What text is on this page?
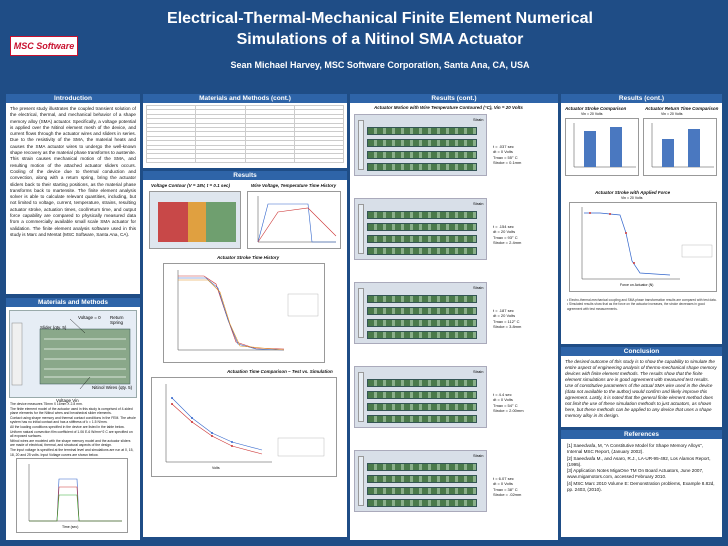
MSC Software
Electrical-Thermal-Mechanical Finite Element Numerical
Simulations of a Nitinol SMA Actuator
Sean Michael Harvey, MSC Software Corporation, Santa Ana, CA, USA
Introduction
The present study illustrates the coupled transient solution of the electrical, thermal, and mechanical behavior of a shape memory alloy (SMA) actuator. Specifically, a voltage potential is applied over the Nitinol element mesh of the device, and current flows through the actuator wires and sliders in series. Due to the resistivity of the SMA, the material heats and causes the SMA actuator wires to undergo the well-known shape recovery as the material phase transforms to austenite. This strain causes mechanical motion of the SMA, and resulting motion of the attached actuator sliders occurs. Cooling of the device due to thermal conduction and convection, along with a return spring, bring the actuator sliders back to their starting positions, as the material phase transforms back to martensite. The finite element analysis solver is able to calculate relevant quantities, including, but not limited to voltage, current, temperature, strains, resulting actuator stroke, actuation times, cool/return time, and output force capability are compared to physically measured data from a commercially available small scale SMA actuator for validation. The finite element analysis software used in this study is Marc and Mentat (MSC Software, Santa Ana, CA).
Materials and Methods
Voltage = 0 Return Spring
Slider (qty. 5)
Nitinol Wires (qty. 5)
Voltage Vin
The device measures 75mm X 16mm X 2.8 mm.
The finite element model of the actuator used in this study is comprised of 4-sided plane elements for the Nitinol wires and hexahedral slider elements.
Contact using shape memory and thermal contact conditions in the FEM. The whole system has no initial contact and has a stiffness of k = 1.5 N/mm.
All the loading conditions specified in the device are listed in the table below.
Uniform natural convection film coefficient of 1.06 E-6 W/mm^2 C are specified on all exposed surfaces.
Nitinol wires are modeled with the shape memory model and the actuator sliders are made of electrical, thermal, and structural aspects of the design.
The input voltage is specified at the terminal level and simulations are run at 0, 15, 18, 20 and 25 volts. Input Voltage curves are shown below.
Time (sec)
Materials and Methods (cont.)

Results
Voltage Contour (V = 18V, t = 0.1 sec)	Wire Voltage, Temperature Time History
Actuator Stroke Time History
Actuation Time Comparison – Test vs. Simulation
Volts
Results (cont.)
Actuator Motion with Wire Temperature Contoured (°C), Vin = 20 Volts
Strain
t = .037 sec
dt = 0 Volts
Tmax = 55° C
Stroke = 0.1mm
Strain
t = .154 sec
dt = 20 Volts
Tmax = 93° C
Stroke = 2.4mm
Strain
t = .187 sec
dt = 20 Volts
Tmax = 112° C
Stroke = 3.8mm
Strain
t = 4.4 sec
dt = 0 Volts
Tmax = 54° C
Stroke = 2.00mm
Strain
t = 6.07 sec
dt = 0 Volts
Tmax = 38° C
Stroke = .02mm
Results (cont.)
Actuator Stroke Comparison
Vin = 20 Volts
Actuator Return Time Comparison
Vin = 20 Volts
Actuator Stroke with Applied Force
Vin = 20 Volts
Force on Actuator (N)
• Electro-thermal-mechanical coupling and SMA phase transformation results are compared with test data. • Simulated results show that as the force on the actuator increases, the stroke decreases in good agreement with test measurements.
Conclusion
The desired outcome of this study is to show the capability to simulate the entire aspect of engineering analysis of thermo-mechanical shape memory devices with finite element methods. The results show that the finite element simulations are in good agreement with measured test results. Use of constitutive parameters of the actual SMA wire used in the device (data not available to the author) would confirm and likely improve this agreement. Lastly, it is noted that the general finite element method does not limit the use of these simulation methods to just actuators, as shown here, but these methods can be applied to any device that uses a shape memory alloy in its design.
References
[1] Saeedvafa, M, "A Constitutive Model for Shape Memory Alloys", Internal MSC Report, (January 2002).
[2] Saeedvafa M., and Asaro, R.J., LA-UR-95-492, Los Alamos Report, (1995).
[3] Application Notes MigaOne TM On Board Actuators, June 2007, www.migamotors.com, accessed February 2010.
[4] MSC Marc 2010 Volume E: Demonstration problems, Example 8.82d, pp. 2403, (2010).
